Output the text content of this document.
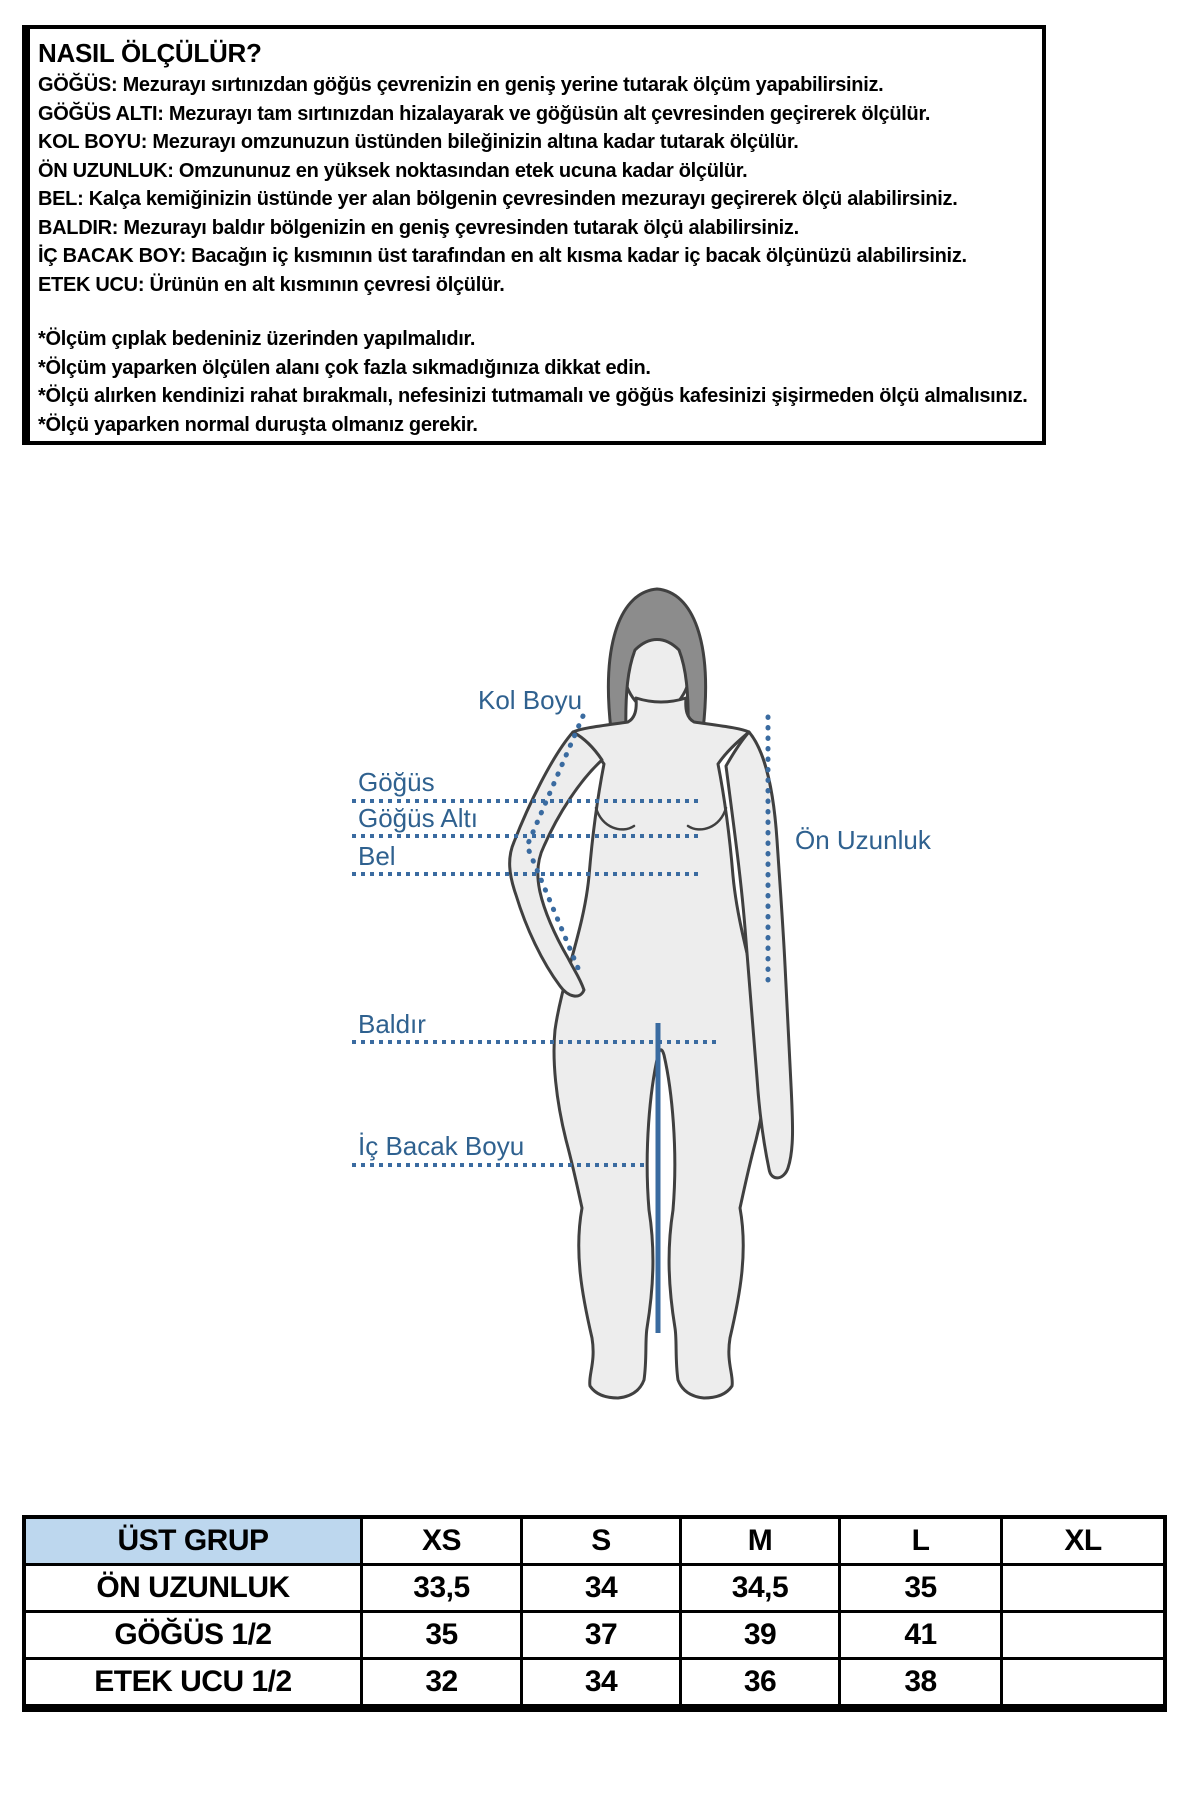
NASIL ÖLÇÜLÜR?
GÖĞÜS: Mezurayı sırtınızdan göğüs çevrenizin en geniş yerine tutarak ölçüm yapabilirsiniz.
GÖĞÜS ALTI: Mezurayı tam sırtınızdan hizalayarak ve göğüsün alt çevresinden geçirerek ölçülür.
KOL BOYU: Mezurayı omzunuzun üstünden bileğinizin altına kadar tutarak ölçülür.
ÖN UZUNLUK: Omzununuz en yüksek noktasından etek ucuna kadar ölçülür.
BEL: Kalça kemiğinizin üstünde yer alan bölgenin çevresinden mezurayı geçirerek ölçü alabilirsiniz.
BALDIR: Mezurayı baldır bölgenizin en geniş çevresinden tutarak ölçü alabilirsiniz.
İÇ BACAK BOY: Bacağın iç kısmının üst tarafından en alt kısma kadar iç bacak ölçünüzü alabilirsiniz.
ETEK UCU: Ürünün en alt kısmının çevresi ölçülür.
*Ölçüm çıplak bedeniniz üzerinden yapılmalıdır.
*Ölçüm yaparken ölçülen alanı çok fazla sıkmadığınıza dikkat edin.
*Ölçü alırken kendinizi rahat bırakmalı, nefesinizi tutmamalı ve göğüs kafesinizi şişirmeden ölçü almalısınız.
*Ölçü yaparken normal duruşta olmanız gerekir.
Kol Boyu
Göğüs
Göğüs Altı
Bel
Ön Uzunluk
Baldır
İç Bacak Boyu
ÜST GRUP	XS	S	M	L	XL
ÖN UZUNLUK	33,5	34	34,5	35	
GÖĞÜS 1/2	35	37	39	41	
ETEK UCU 1/2	32	34	36	38	
